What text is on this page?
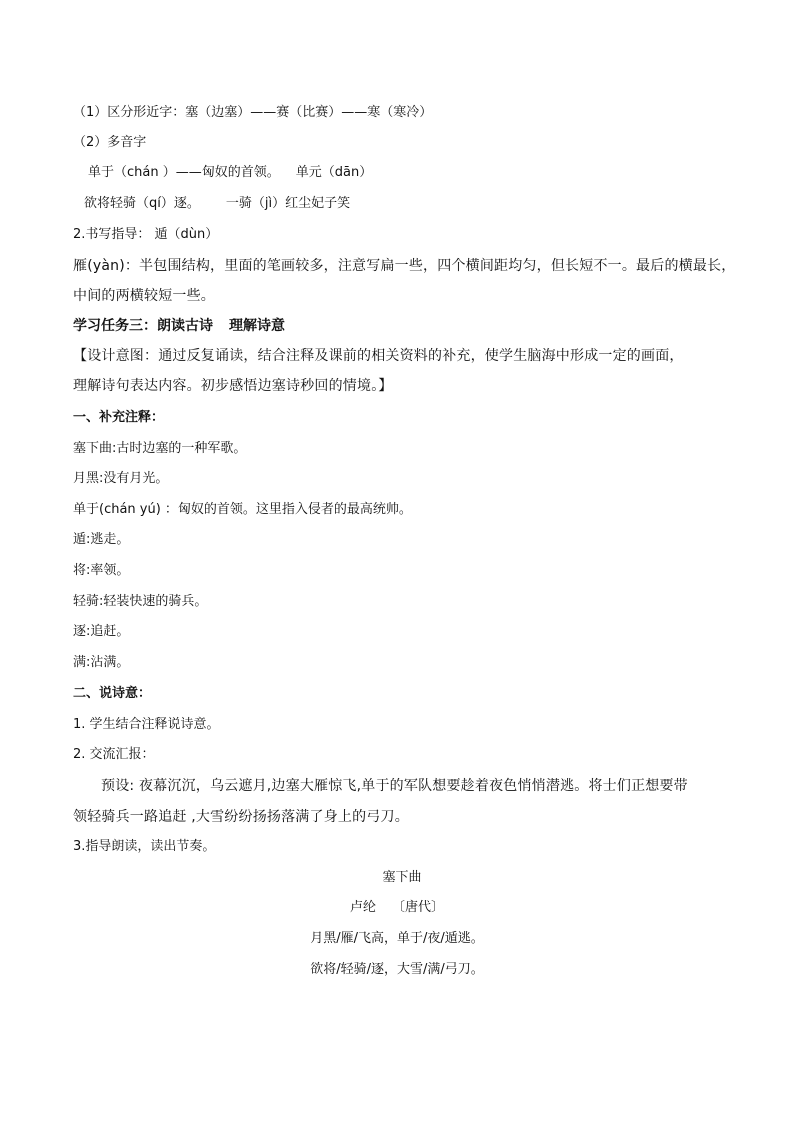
（1）区分形近字：塞（边塞）——赛（比赛）——寒（寒冷）
（2）多音字
单于（chán ）——匈奴的首领。 单元（dān）
欲将轻骑（qí）逐。 一骑（jì）红尘妃子笑
2.书写指导： 遁（dùn）
雁(yàn)：半包围结构，里面的笔画较多，注意写扁一些，四个横间距均匀，但长短不一。最后的横最长，
中间的两横较短一些。
学习任务三：朗读古诗 理解诗意
【设计意图：通过反复诵读，结合注释及课前的相关资料的补充，使学生脑海中形成一定的画面，
理解诗句表达内容。初步感悟边塞诗秒回的情境。】
一、补充注释：
塞下曲:古时边塞的一种军歌。
月黑:没有月光。
单于(chán yú) ：匈奴的首领。这里指入侵者的最高统帅。
遁:逃走。
将:率领。
轻骑:轻装快速的骑兵。
逐:追赶。
满:沾满。
二、说诗意：
1. 学生结合注释说诗意。
2. 交流汇报：
预设: 夜幕沉沉，乌云遮月,边塞大雁惊飞,单于的军队想要趁着夜色悄悄潜逃。将士们正想要带
领轻骑兵一路追赶 ,大雪纷纷扬扬落满了身上的弓刀。
3.指导朗读，读出节奏。
塞下曲
卢纶 〔唐代〕
月黑/雁/飞高，单于/夜/遁逃。
欲将/轻骑/逐，大雪/满/弓刀。
